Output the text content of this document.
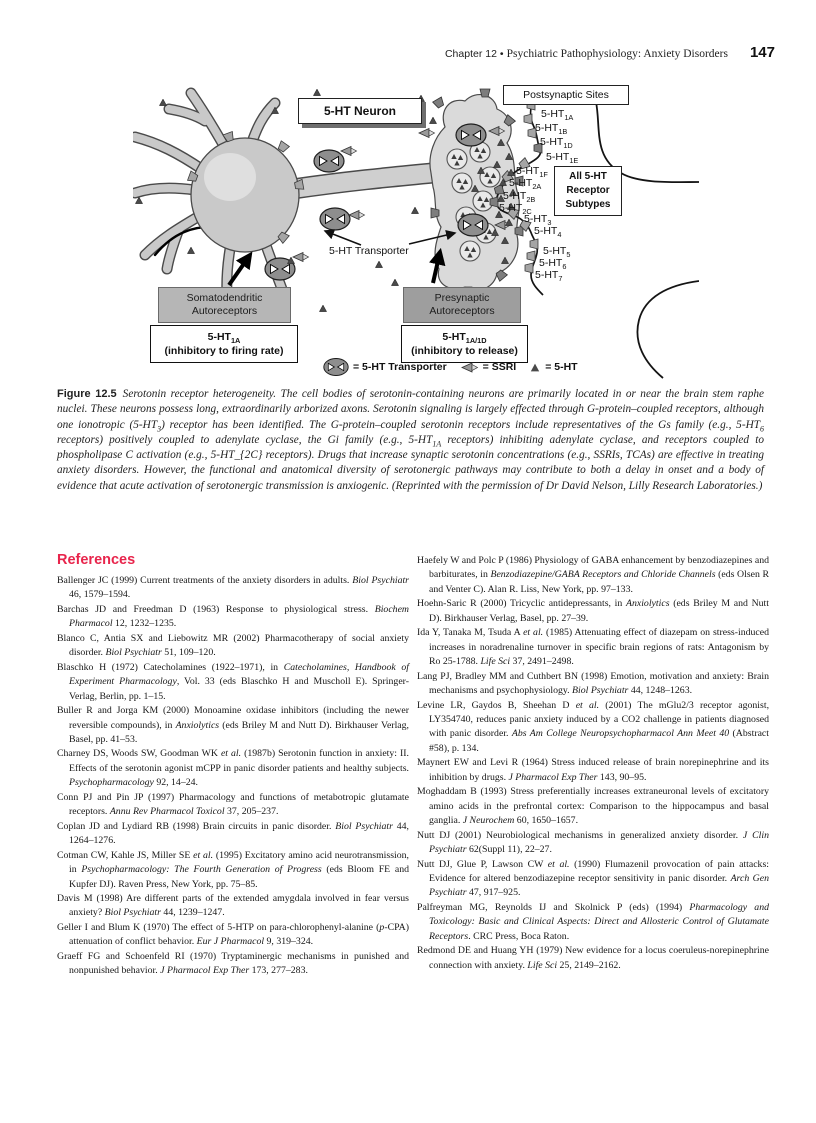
Chapter 12 • Psychiatric Pathophysiology: Anxiety Disorders 147
5-HT Neuron
Postsynaptic Sites
All 5-HT
Receptor
Subtypes
5-HT Transporter
Somatodendritic
Autoreceptors
Presynaptic
Autoreceptors
$5-HT_{1A}$
(inhibitory to firing rate)
$5-HT_{1A/1D}$
(inhibitory to release)
$5-HT_{1A}$
$5-HT_{1B}$
$5-HT_{1D}$
$5-HT_{1E}$
$5-HT_{1F}$
$5-HT_{2A}$
$5-HT_{2B}$
$5-HT_{2C}$
$5-HT_3$
$5-HT_4$
$5-HT_5$
$5-HT_6$
$5-HT_7$
= 5-HT Transporter	= SSRI	= 5-HT

Figure 12.5 Serotonin receptor heterogeneity. The cell bodies of serotonin-containing neurons are primarily located in or near the brain stem raphe nuclei. These neurons possess long, extraordinarily arborized axons. Serotonin signaling is largely effected through G-protein–coupled receptors, although one ionotropic $(5-HT_3)$ receptor has been identified. The G-protein–coupled serotonin receptors include representatives of the Gs family (e.g., $5-HT_6$ receptors) positively coupled to adenylate cyclase, the Gi family (e.g., $5-HT_{1A}$ receptors) inhibiting adenylate cyclase, and receptors coupled to phospholipase C activation (e.g., 5-HT_{2C} receptors). Drugs that increase synaptic serotonin concentrations (e.g., SSRIs, TCAs) are effective in treating anxiety disorders. However, the functional and anatomical diversity of serotonergic pathways may contribute to both a delay in onset and a body of evidence that acute activation of serotonergic transmission is anxiogenic. (Reprinted with the permission of Dr David Nelson, Lilly Research Laboratories.)

References

Ballenger JC (1999) Current treatments of the anxiety disorders in adults. Biol Psychiatr 46, 1579–1594.

Barchas JD and Freedman D (1963) Response to physiological stress. Biochem Pharmacol 12, 1232–1235.

Blanco C, Antia SX and Liebowitz MR (2002) Pharmacotherapy of social anxiety disorder. Biol Psychiatr 51, 109–120.

Blaschko H (1972) Catecholamines (1922–1971), in Catecholamines, Handbook of Experiment Pharmacology, Vol. 33 (eds Blaschko H and Muscholl E). Springer-Verlag, Berlin, pp. 1–15.

Buller R and Jorga KM (2000) Monoamine oxidase inhibitors (including the newer reversible compounds), in Anxiolytics (eds Briley M and Nutt D). Birkhauser Verlag, Basel, pp. 41–53.

Charney DS, Woods SW, Goodman WK et al. (1987b) Serotonin function in anxiety: II. Effects of the serotonin agonist mCPP in panic disorder patients and healthy subjects. Psychopharmacology 92, 14–24.

Conn PJ and Pin JP (1997) Pharmacology and functions of metabotropic glutamate receptors. Annu Rev Pharmacol Toxicol 37, 205–237.

Coplan JD and Lydiard RB (1998) Brain circuits in panic disorder. Biol Psychiatr 44, 1264–1276.

Cotman CW, Kahle JS, Miller SE et al. (1995) Excitatory amino acid neurotransmission, in Psychopharmacology: The Fourth Generation of Progress (eds Bloom FE and Kupfer DJ). Raven Press, New York, pp. 75–85.

Davis M (1998) Are different parts of the extended amygdala involved in fear versus anxiety? Biol Psychiatr 44, 1239–1247.

Geller I and Blum K (1970) The effect of 5-HTP on para-chlorophenyl-alanine (p-CPA) attenuation of conflict behavior. Eur J Pharmacol 9, 319–324.

Graeff FG and Schoenfeld RI (1970) Tryptaminergic mechanisms in punished and nonpunished behavior. J Pharmacol Exp Ther 173, 277–283.

Haefely W and Polc P (1986) Physiology of GABA enhancement by benzodiazepines and barbiturates, in Benzodiazepine/GABA Receptors and Chloride Channels (eds Olsen R and Venter C). Alan R. Liss, New York, pp. 97–133.

Hoehn-Saric R (2000) Tricyclic antidepressants, in Anxiolytics (eds Briley M and Nutt D). Birkhauser Verlag, Basel, pp. 27–39.

Ida Y, Tanaka M, Tsuda A et al. (1985) Attenuating effect of diazepam on stress-induced increases in noradrenaline turnover in specific brain regions of rats: Antagonism by Ro 25-1788. Life Sci 37, 2491–2498.

Lang PJ, Bradley MM and Cuthbert BN (1998) Emotion, motivation and anxiety: Brain mechanisms and psychophysiology. Biol Psychiatr 44, 1248–1263.

Levine LR, Gaydos B, Sheehan D et al. (2001) The mGlu2/3 receptor agonist, LY354740, reduces panic anxiety induced by a CO2 challenge in patients diagnosed with panic disorder. Abs Am College Neuropsychopharmacol Ann Meet 40 (Abstract #58), p. 134.

Maynert EW and Levi R (1964) Stress induced release of brain norepinephrine and its inhibition by drugs. J Pharmacol Exp Ther 143, 90–95.

Moghaddam B (1993) Stress preferentially increases extraneuronal levels of excitatory amino acids in the prefrontal cortex: Comparison to the hippocampus and basal ganglia. J Neurochem 60, 1650–1657.

Nutt DJ (2001) Neurobiological mechanisms in generalized anxiety disorder. J Clin Psychiatr 62(Suppl 11), 22–27.

Nutt DJ, Glue P, Lawson CW et al. (1990) Flumazenil provocation of pain attacks: Evidence for altered benzodiazepine receptor sensitivity in panic disorder. Arch Gen Psychiatr 47, 917–925.

Palfreyman MG, Reynolds IJ and Skolnick P (eds) (1994) Pharmacology and Toxicology: Basic and Clinical Aspects: Direct and Allosteric Control of Glutamate Receptors. CRC Press, Boca Raton.

Redmond DE and Huang YH (1979) New evidence for a locus coeruleus-norepinephrine connection with anxiety. Life Sci 25, 2149–2162.
